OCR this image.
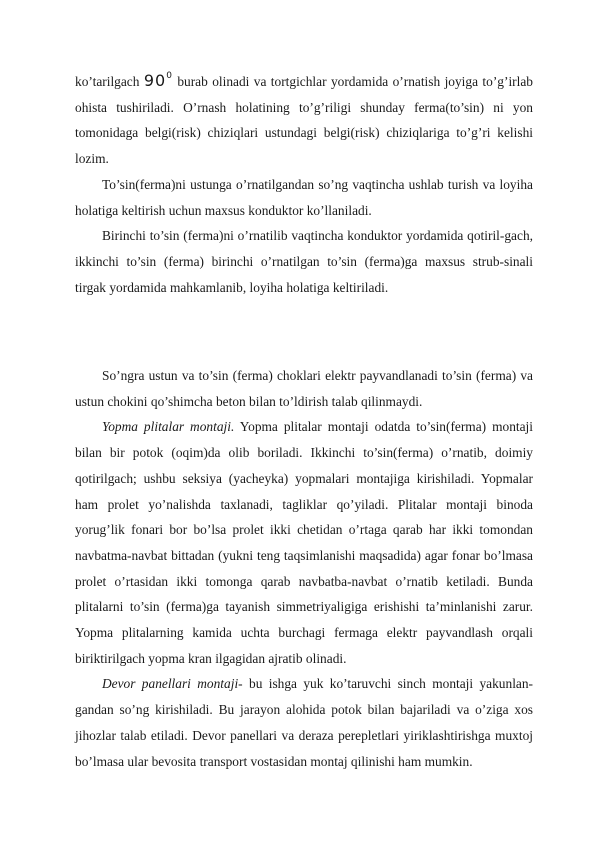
ko’tarilgach $90^0$ burab olinadi va tortgichlar yordamida o’rnatish joyiga to’g’irlab ohista tushiriladi. O’rnash holatining to’g’riligi shunday ferma(to’sin) ni yon tomonidaga belgi(risk) chiziqlari ustundagi belgi(risk) chiziqlariga to’g’ri kelishi lozim.

To’sin(ferma)ni ustunga o’rnatilgandan so’ng vaqtincha ushlab turish va loyiha holatiga keltirish uchun maxsus konduktor ko’llaniladi.

Birinchi to’sin (ferma)ni o’rnatilib vaqtincha konduktor yordamida qotiril-gach, ikkinchi to’sin (ferma) birinchi o’rnatilgan to’sin (ferma)ga maxsus strub-sinali tirgak yordamida mahkamlanib, loyiha holatiga keltiriladi.

So’ngra ustun va to’sin (ferma) choklari elektr payvandlanadi to’sin (ferma) va ustun chokini qo’shimcha beton bilan to’ldirish talab qilinmaydi.

Yopma plitalar montaji. Yopma plitalar montaji odatda to’sin(ferma) montaji bilan bir potok (oqim)da olib boriladi. Ikkinchi to’sin(ferma) o’rnatib, doimiy qotirilgach; ushbu seksiya (yacheyka) yopmalari montajiga kirishiladi. Yopmalar ham prolet yo’nalishda taxlanadi, tagliklar qo’yiladi. Plitalar montaji binoda yorug’lik fonari bor bo’lsa prolet ikki chetidan o’rtaga qarab har ikki tomondan navbatma-navbat bittadan (yukni teng taqsimlanishi maqsadida) agar fonar bo’lmasa prolet o’rtasidan ikki tomonga qarab navbatba-navbat o’rnatib ketiladi. Bunda plitalarni to’sin (ferma)ga tayanish simmetriyaligiga erishishi ta’minlanishi zarur. Yopma plitalarning kamida uchta burchagi fermaga elektr payvandlash orqali biriktirilgach yopma kran ilgagidan ajratib olinadi.

Devor panellari montaji- bu ishga yuk ko’taruvchi sinch montaji yakunlan-gandan so’ng kirishiladi. Bu jarayon alohida potok bilan bajariladi va o’ziga xos jihozlar talab etiladi. Devor panellari va deraza perepletlari yiriklashtirishga muxtoj bo’lmasa ular bevosita transport vostasidan montaj qilinishi ham mumkin.
